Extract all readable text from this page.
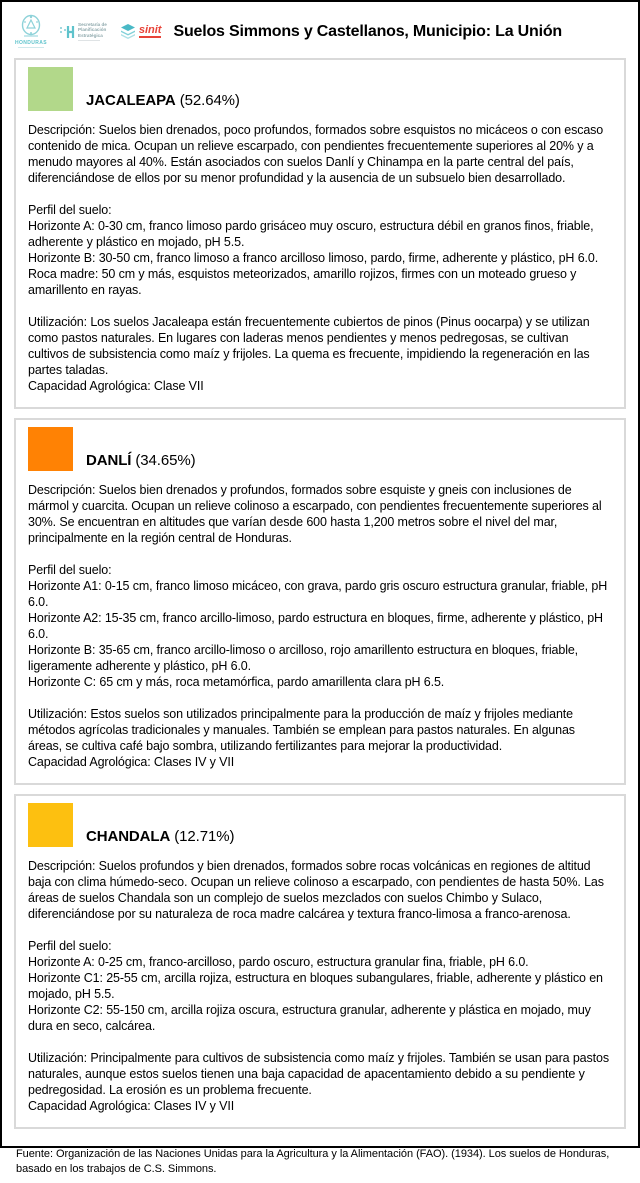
HONDURAS
Secretaría de
Planificación
Estratégica	sinit Suelos Simmons y Castellanos, Municipio: La Unión
JACALEAPA (52.64%)

Descripción: Suelos bien drenados, poco profundos, formados sobre esquistos no micáceos o con escaso contenido de mica. Ocupan un relieve escarpado, con pendientes frecuentemente superiores al 20% y a menudo mayores al 40%. Están asociados con suelos Danlí y Chinampa en la parte central del país, diferenciándose de ellos por su menor profundidad y la ausencia de un subsuelo bien desarrollado.

Perfil del suelo:
Horizonte A: 0-30 cm, franco limoso pardo grisáceo muy oscuro, estructura débil en granos finos, friable, adherente y plástico en mojado, pH 5.5.
Horizonte B: 30-50 cm, franco limoso a franco arcilloso limoso, pardo, firme, adherente y plástico, pH 6.0.
Roca madre: 50 cm y más, esquistos meteorizados, amarillo rojizos, firmes con un moteado grueso y amarillento en rayas.
Utilización: Los suelos Jacaleapa están frecuentemente cubiertos de pinos (Pinus oocarpa) y se utilizan como pastos naturales. En lugares con laderas menos pendientes y menos pedregosas, se cultivan cultivos de subsistencia como maíz y frijoles. La quema es frecuente, impidiendo la regeneración en las partes taladas.
Capacidad Agrológica: Clase VII
DANLÍ (34.65%)

Descripción: Suelos bien drenados y profundos, formados sobre esquiste y gneis con inclusiones de mármol y cuarcita. Ocupan un relieve colinoso a escarpado, con pendientes frecuentemente superiores al 30%. Se encuentran en altitudes que varían desde 600 hasta 1,200 metros sobre el nivel del mar, principalmente en la región central de Honduras.

Perfil del suelo:
Horizonte A1: 0-15 cm, franco limoso micáceo, con grava, pardo gris oscuro estructura granular, friable, pH 6.0.
Horizonte A2: 15-35 cm, franco arcillo-limoso, pardo estructura en bloques, firme, adherente y plástico, pH 6.0.
Horizonte B: 35-65 cm, franco arcillo-limoso o arcilloso, rojo amarillento estructura en bloques, friable, ligeramente adherente y plástico, pH 6.0.
Horizonte C: 65 cm y más, roca metamórfica, pardo amarillenta clara pH 6.5.
Utilización: Estos suelos son utilizados principalmente para la producción de maíz y frijoles mediante métodos agrícolas tradicionales y manuales. También se emplean para pastos naturales. En algunas áreas, se cultiva café bajo sombra, utilizando fertilizantes para mejorar la productividad.
Capacidad Agrológica: Clases IV y VII
CHANDALA (12.71%)

Descripción: Suelos profundos y bien drenados, formados sobre rocas volcánicas en regiones de altitud baja con clima húmedo-seco. Ocupan un relieve colinoso a escarpado, con pendientes de hasta 50%. Las áreas de suelos Chandala son un complejo de suelos mezclados con suelos Chimbo y Sulaco, diferenciándose por su naturaleza de roca madre calcárea y textura franco-limosa a franco-arenosa.

Perfil del suelo:
Horizonte A: 0-25 cm, franco-arcilloso, pardo oscuro, estructura granular fina, friable, pH 6.0.
Horizonte C1: 25-55 cm, arcilla rojiza, estructura en bloques subangulares, friable, adherente y plástico en mojado, pH 5.5.
Horizonte C2: 55-150 cm, arcilla rojiza oscura, estructura granular, adherente y plástica en mojado, muy dura en seco, calcárea.
Utilización: Principalmente para cultivos de subsistencia como maíz y frijoles. También se usan para pastos naturales, aunque estos suelos tienen una baja capacidad de apacentamiento debido a su pendiente y pedregosidad. La erosión es un problema frecuente.
Capacidad Agrológica: Clases IV y VII
Fuente: Organización de las Naciones Unidas para la Agricultura y la Alimentación (FAO). (1934). Los suelos de Honduras, basado en los trabajos de C.S. Simmons.
